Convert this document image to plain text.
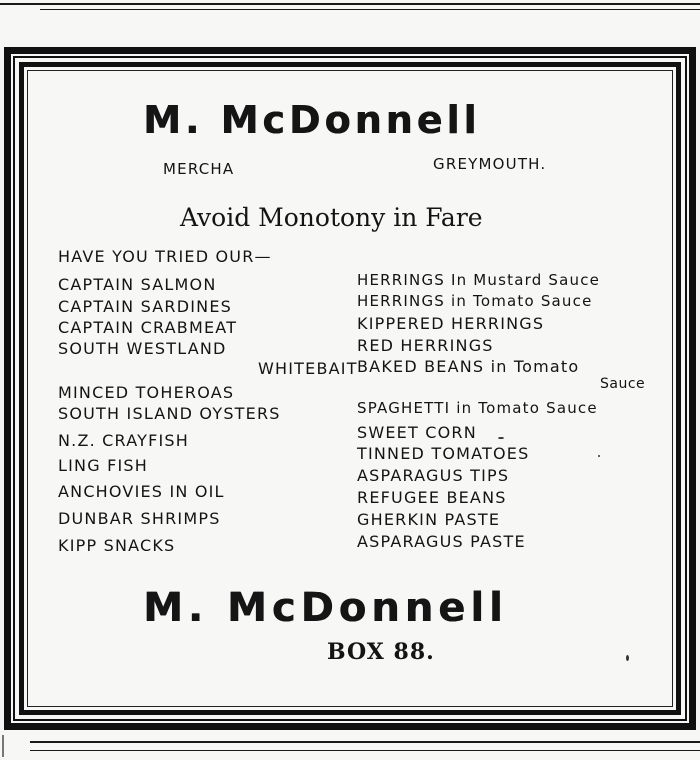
M. McDonnell
MERCHA	GREYMOUTH.
Avoid Monotony in Fare
HAVE YOU TRIED OUR—
CAPTAIN SALMON
CAPTAIN SARDINES
CAPTAIN CRABMEAT
SOUTH WESTLAND
WHITEBAIT
MINCED TOHEROAS
SOUTH ISLAND OYSTERS
N.Z. CRAYFISH
LING FISH
ANCHOVIES IN OIL
DUNBAR SHRIMPS
KIPP SNACKS
HERRINGS In Mustard Sauce
HERRINGS in Tomato Sauce
KIPPERED HERRINGS
RED HERRINGS
BAKED BEANS in Tomato
Sauce
SPAGHETTI in Tomato Sauce
SWEET CORN
TINNED TOMATOES
ASPARAGUS TIPS
REFUGEE BEANS
GHERKIN PASTE
ASPARAGUS PASTE
M. McDonnell
BOX 88.
